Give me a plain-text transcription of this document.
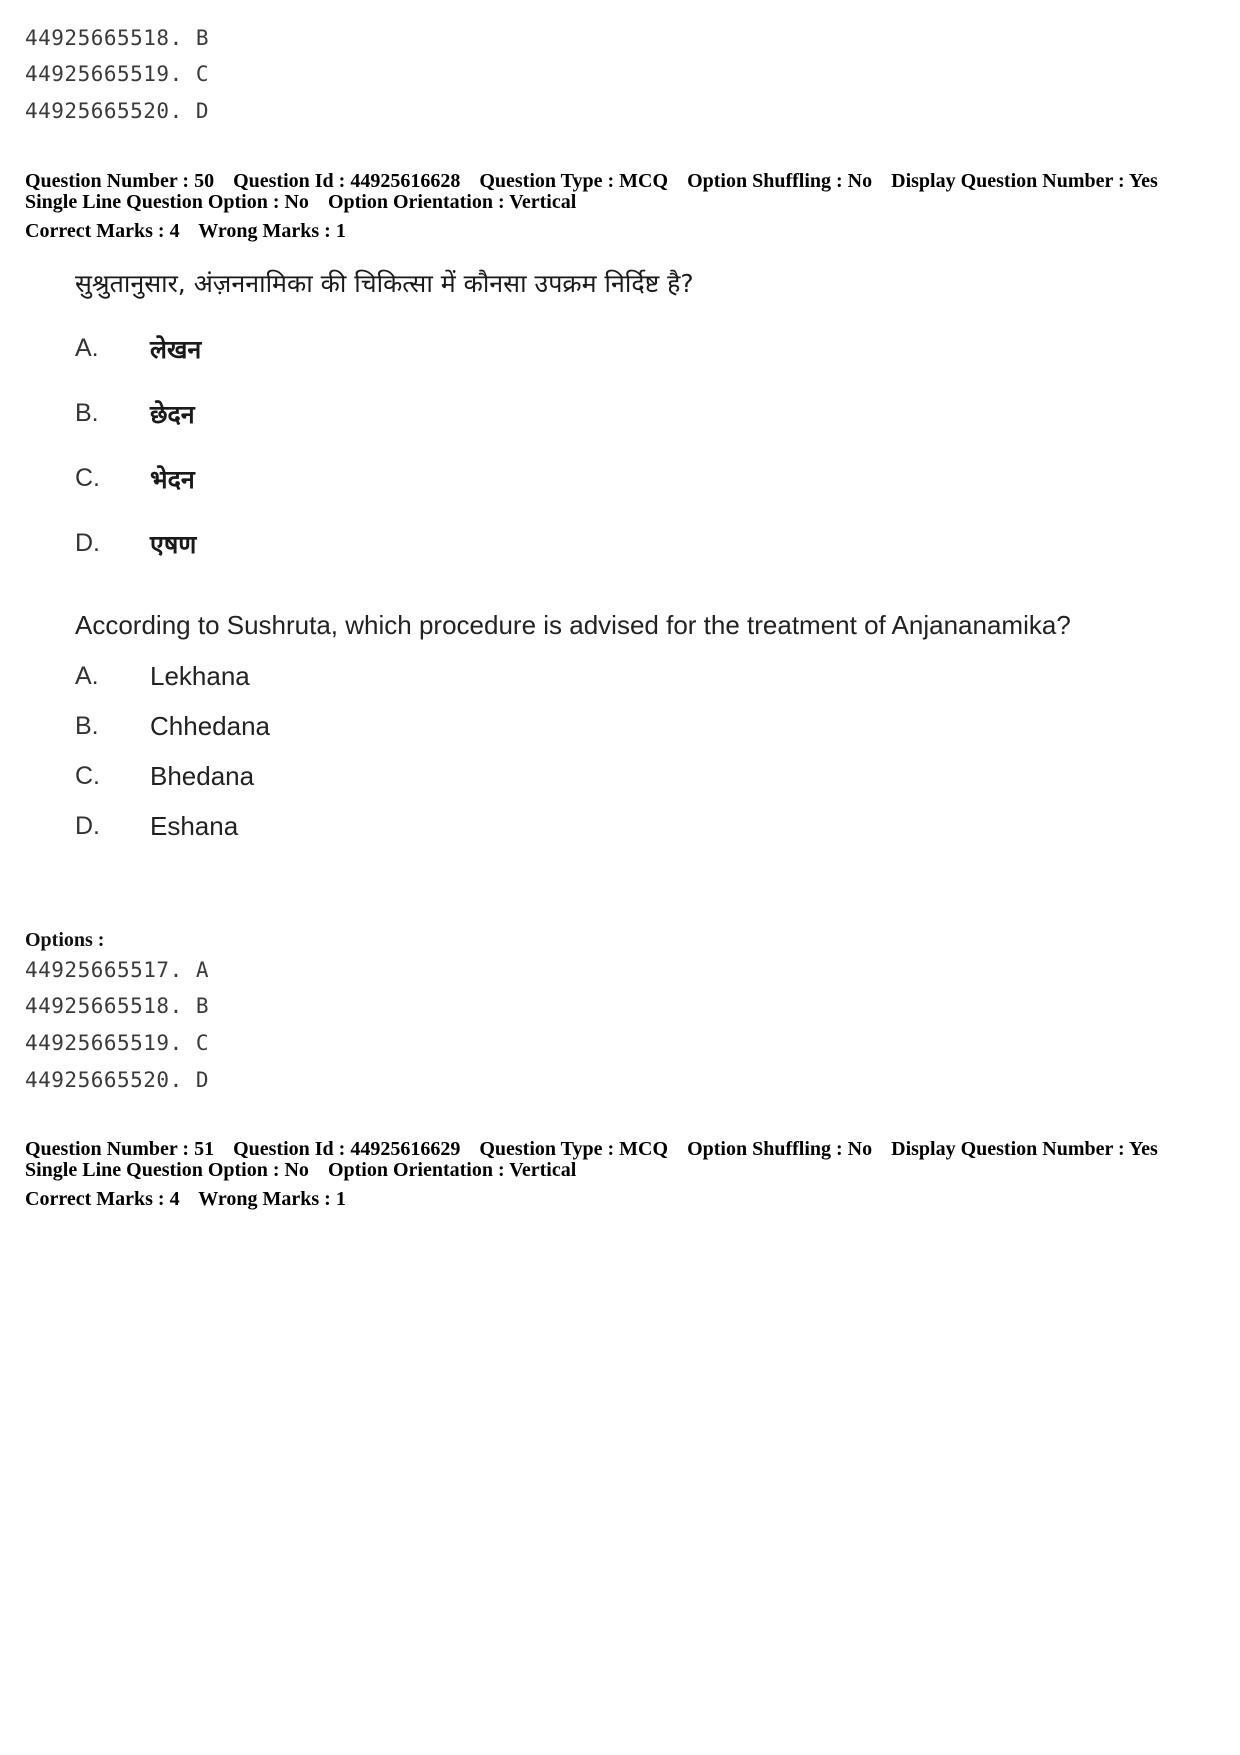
44925665518. B
44925665519. C
44925665520. D
Question Number : 50 Question Id : 44925616628 Question Type : MCQ Option Shuffling : No Display Question Number : Yes
Single Line Question Option : No Option Orientation : Vertical
Correct Marks : 4 Wrong Marks : 1
सुश्रुतानुसार, अंज़ननामिका की चिकित्सा में कौनसा उपक्रम निर्दिष्ट है?
A. लेखन
B. छेदन
C. भेदन
D. एषण
According to Sushruta, which procedure is advised for the treatment of Anjananamika?
A. Lekhana
B. Chhedana
C. Bhedana
D. Eshana
Options :
44925665517. A
44925665518. B
44925665519. C
44925665520. D
Question Number : 51 Question Id : 44925616629 Question Type : MCQ Option Shuffling : No Display Question Number : Yes
Single Line Question Option : No Option Orientation : Vertical
Correct Marks : 4 Wrong Marks : 1
